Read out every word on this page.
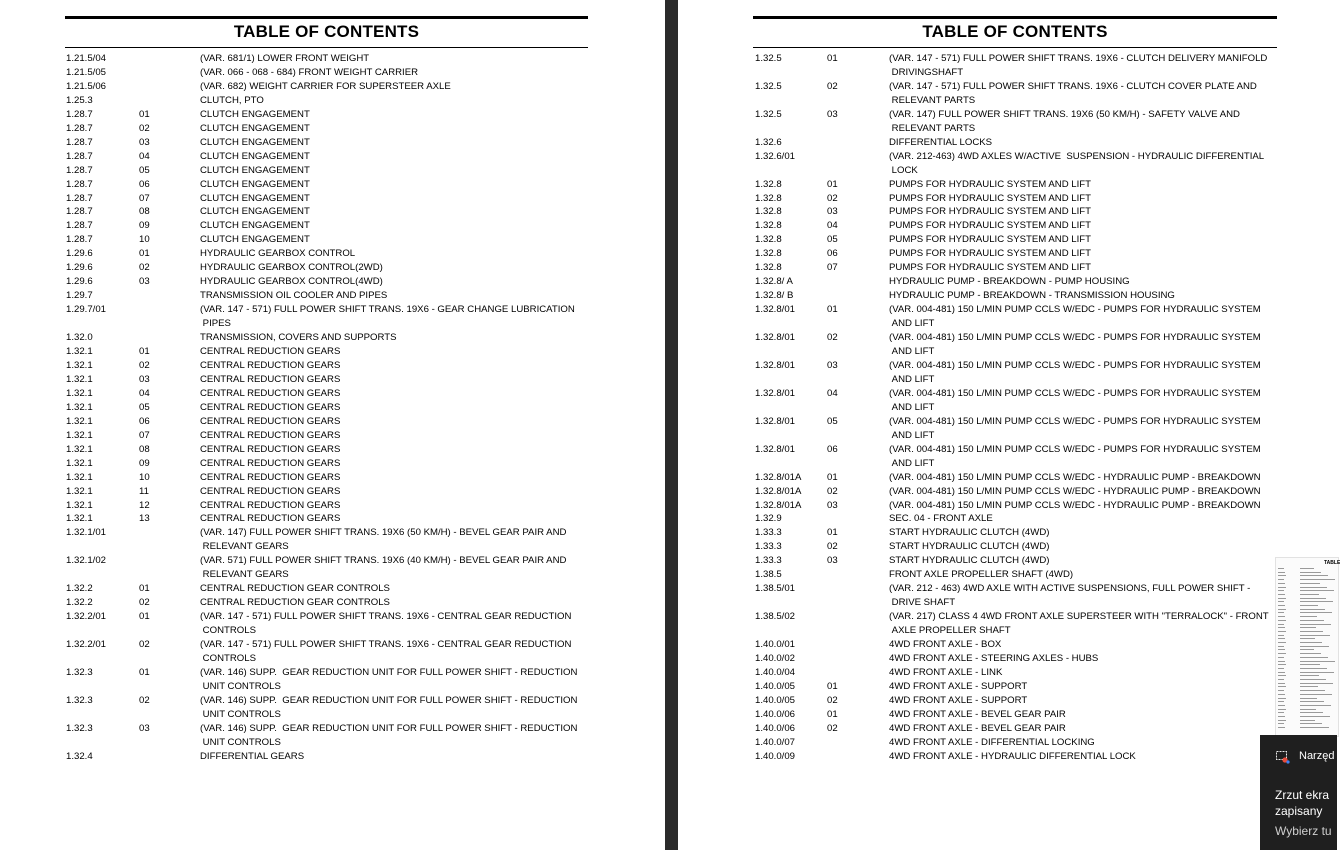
TABLE OF CONTENTS
1.21.5/04	(VAR. 681/1) LOWER FRONT WEIGHT
1.21.5/05	(VAR. 066 - 068 - 684) FRONT WEIGHT CARRIER
1.21.5/06	(VAR. 682) WEIGHT CARRIER FOR SUPERSTEER AXLE
1.25.3	CLUTCH, PTO
1.28.7	01	CLUTCH ENGAGEMENT
1.28.7	02	CLUTCH ENGAGEMENT
1.28.7	03	CLUTCH ENGAGEMENT
1.28.7	04	CLUTCH ENGAGEMENT
1.28.7	05	CLUTCH ENGAGEMENT
1.28.7	06	CLUTCH ENGAGEMENT
1.28.7	07	CLUTCH ENGAGEMENT
1.28.7	08	CLUTCH ENGAGEMENT
1.28.7	09	CLUTCH ENGAGEMENT
1.28.7	10	CLUTCH ENGAGEMENT
1.29.6	01	HYDRAULIC GEARBOX CONTROL
1.29.6	02	HYDRAULIC GEARBOX CONTROL(2WD)
1.29.6	03	HYDRAULIC GEARBOX CONTROL(4WD)
1.29.7	TRANSMISSION OIL COOLER AND PIPES
1.29.7/01	(VAR. 147 - 571) FULL POWER SHIFT TRANS. 19X6 - GEAR CHANGE LUBRICATION
PIPES
1.32.0	TRANSMISSION, COVERS AND SUPPORTS
1.32.1	01	CENTRAL REDUCTION GEARS
1.32.1	02	CENTRAL REDUCTION GEARS
1.32.1	03	CENTRAL REDUCTION GEARS
1.32.1	04	CENTRAL REDUCTION GEARS
1.32.1	05	CENTRAL REDUCTION GEARS
1.32.1	06	CENTRAL REDUCTION GEARS
1.32.1	07	CENTRAL REDUCTION GEARS
1.32.1	08	CENTRAL REDUCTION GEARS
1.32.1	09	CENTRAL REDUCTION GEARS
1.32.1	10	CENTRAL REDUCTION GEARS
1.32.1	11	CENTRAL REDUCTION GEARS
1.32.1	12	CENTRAL REDUCTION GEARS
1.32.1	13	CENTRAL REDUCTION GEARS
1.32.1/01	(VAR. 147) FULL POWER SHIFT TRANS. 19X6 (50 KM/H) - BEVEL GEAR PAIR AND
RELEVANT GEARS
1.32.1/02	(VAR. 571) FULL POWER SHIFT TRANS. 19X6 (40 KM/H) - BEVEL GEAR PAIR AND
RELEVANT GEARS
1.32.2	01	CENTRAL REDUCTION GEAR CONTROLS
1.32.2	02	CENTRAL REDUCTION GEAR CONTROLS
1.32.2/01	01	(VAR. 147 - 571) FULL POWER SHIFT TRANS. 19X6 - CENTRAL GEAR REDUCTION
CONTROLS
1.32.2/01	02	(VAR. 147 - 571) FULL POWER SHIFT TRANS. 19X6 - CENTRAL GEAR REDUCTION
CONTROLS
1.32.3	01	(VAR. 146) SUPP.  GEAR REDUCTION UNIT FOR FULL POWER SHIFT - REDUCTION
UNIT CONTROLS
1.32.3	02	(VAR. 146) SUPP.  GEAR REDUCTION UNIT FOR FULL POWER SHIFT - REDUCTION
UNIT CONTROLS
1.32.3	03	(VAR. 146) SUPP.  GEAR REDUCTION UNIT FOR FULL POWER SHIFT - REDUCTION
UNIT CONTROLS
1.32.4	DIFFERENTIAL GEARS
TABLE OF CONTENTS
1.32.5	01	(VAR. 147 - 571) FULL POWER SHIFT TRANS. 19X6 - CLUTCH DELIVERY MANIFOLD
DRIVINGSHAFT
1.32.5	02	(VAR. 147 - 571) FULL POWER SHIFT TRANS. 19X6 - CLUTCH COVER PLATE AND
RELEVANT PARTS
1.32.5	03	(VAR. 147) FULL POWER SHIFT TRANS. 19X6 (50 KM/H) - SAFETY VALVE AND
RELEVANT PARTS
1.32.6	DIFFERENTIAL LOCKS
1.32.6/01	(VAR. 212-463) 4WD AXLES W/ACTIVE  SUSPENSION - HYDRAULIC DIFFERENTIAL
LOCK
1.32.8	01	PUMPS FOR HYDRAULIC SYSTEM AND LIFT
1.32.8	02	PUMPS FOR HYDRAULIC SYSTEM AND LIFT
1.32.8	03	PUMPS FOR HYDRAULIC SYSTEM AND LIFT
1.32.8	04	PUMPS FOR HYDRAULIC SYSTEM AND LIFT
1.32.8	05	PUMPS FOR HYDRAULIC SYSTEM AND LIFT
1.32.8	06	PUMPS FOR HYDRAULIC SYSTEM AND LIFT
1.32.8	07	PUMPS FOR HYDRAULIC SYSTEM AND LIFT
1.32.8/ A	HYDRAULIC PUMP - BREAKDOWN - PUMP HOUSING
1.32.8/ B	HYDRAULIC PUMP - BREAKDOWN - TRANSMISSION HOUSING
1.32.8/01	01	(VAR. 004-481) 150 L/MIN PUMP CCLS W/EDC - PUMPS FOR HYDRAULIC SYSTEM
AND LIFT
1.32.8/01	02	(VAR. 004-481) 150 L/MIN PUMP CCLS W/EDC - PUMPS FOR HYDRAULIC SYSTEM
AND LIFT
1.32.8/01	03	(VAR. 004-481) 150 L/MIN PUMP CCLS W/EDC - PUMPS FOR HYDRAULIC SYSTEM
AND LIFT
1.32.8/01	04	(VAR. 004-481) 150 L/MIN PUMP CCLS W/EDC - PUMPS FOR HYDRAULIC SYSTEM
AND LIFT
1.32.8/01	05	(VAR. 004-481) 150 L/MIN PUMP CCLS W/EDC - PUMPS FOR HYDRAULIC SYSTEM
AND LIFT
1.32.8/01	06	(VAR. 004-481) 150 L/MIN PUMP CCLS W/EDC - PUMPS FOR HYDRAULIC SYSTEM
AND LIFT
1.32.8/01A	01	(VAR. 004-481) 150 L/MIN PUMP CCLS W/EDC - HYDRAULIC PUMP - BREAKDOWN
1.32.8/01A	02	(VAR. 004-481) 150 L/MIN PUMP CCLS W/EDC - HYDRAULIC PUMP - BREAKDOWN
1.32.8/01A	03	(VAR. 004-481) 150 L/MIN PUMP CCLS W/EDC - HYDRAULIC PUMP - BREAKDOWN
1.32.9	SEC. 04 - FRONT AXLE
1.33.3	01	START HYDRAULIC CLUTCH (4WD)
1.33.3	02	START HYDRAULIC CLUTCH (4WD)
1.33.3	03	START HYDRAULIC CLUTCH (4WD)
1.38.5	FRONT AXLE PROPELLER SHAFT (4WD)
1.38.5/01	(VAR. 212 - 463) 4WD AXLE WITH ACTIVE SUSPENSIONS, FULL POWER SHIFT -
DRIVE SHAFT
1.38.5/02	(VAR. 217) CLASS 4 4WD FRONT AXLE SUPERSTEER WITH "TERRALOCK" - FRONT
AXLE PROPELLER SHAFT
1.40.0/01	4WD FRONT AXLE - BOX
1.40.0/02	4WD FRONT AXLE - STEERING AXLES - HUBS
1.40.0/04	4WD FRONT AXLE - LINK
1.40.0/05	01	4WD FRONT AXLE - SUPPORT
1.40.0/05	02	4WD FRONT AXLE - SUPPORT
1.40.0/06	01	4WD FRONT AXLE - BEVEL GEAR PAIR
1.40.0/06	02	4WD FRONT AXLE - BEVEL GEAR PAIR
1.40.0/07	4WD FRONT AXLE - DIFFERENTIAL LOCKING
1.40.0/09	4WD FRONT AXLE - HYDRAULIC DIFFERENTIAL LOCK
TABLE
Narzęd
Zrzut ekra
zapisany
Wybierz tu
